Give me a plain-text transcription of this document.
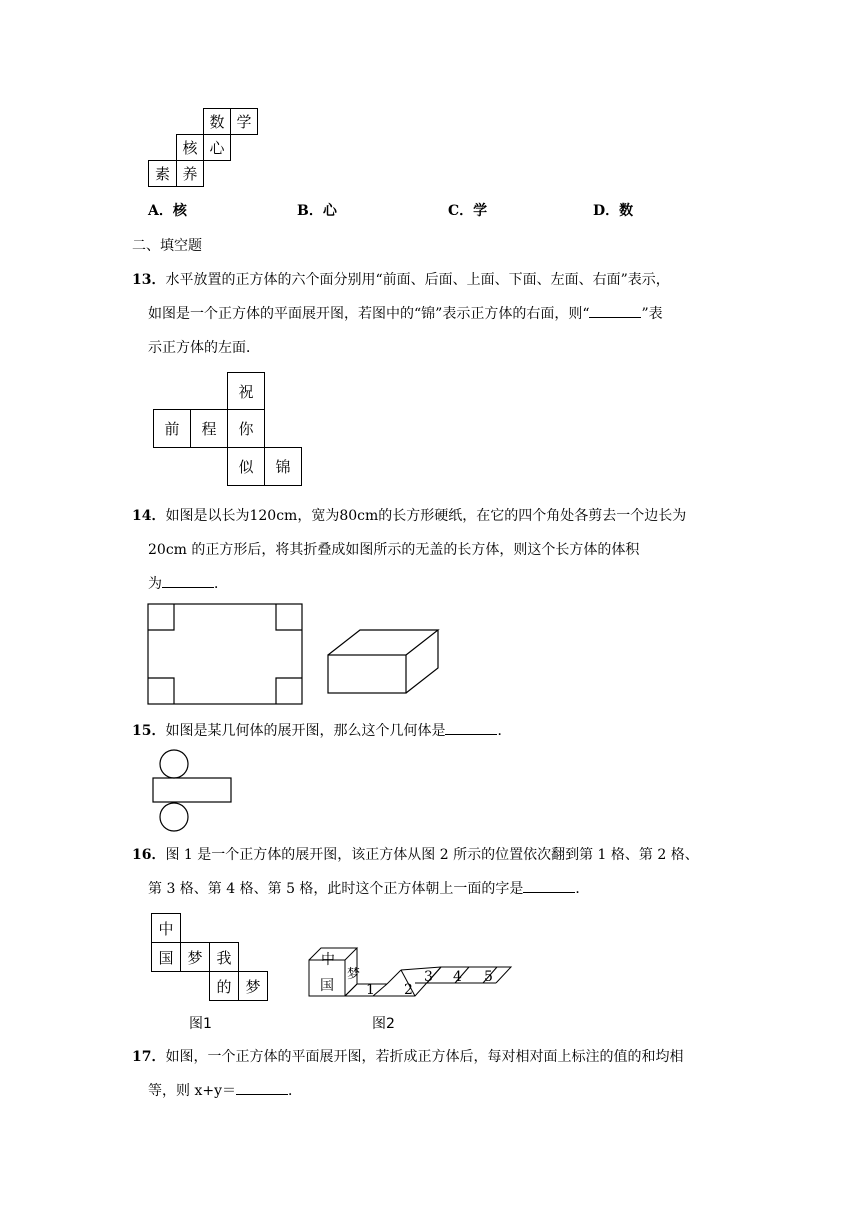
数 学
核 心
素 养
A．核	B．心	C．学	D．数
二、填空题
13．水平放置的正方体的六个面分别用“前面、后面、上面、下面、左面、右面”表示，
如图是一个正方体的平面展开图，若图中的“锦”表示正方体的右面，则“	”表
示正方体的左面．
祝
前	程	你
似	锦
14．如图是以长为120cm，宽为80cm的长方形硬纸，在它的四个角处各剪去一个边长为
20cm 的正方形后，将其折叠成如图所示的无盖的长方体，则这个长方体的体积
为	．
15．如图是某几何体的展开图，那么这个几何体是	．
16．图 1 是一个正方体的展开图，该正方体从图 2 所示的位置依次翻到第 1 格、第 2 格、
第 3 格、第 4 格、第 5 格，此时这个正方体朝上一面的字是	．
中
国 梦 我
的 梦
图1
中
国
梦
1 2
3 4 5
图2
17．如图，一个正方体的平面展开图，若折成正方体后，每对相对面上标注的值的和均相
等，则 x+y＝	．
